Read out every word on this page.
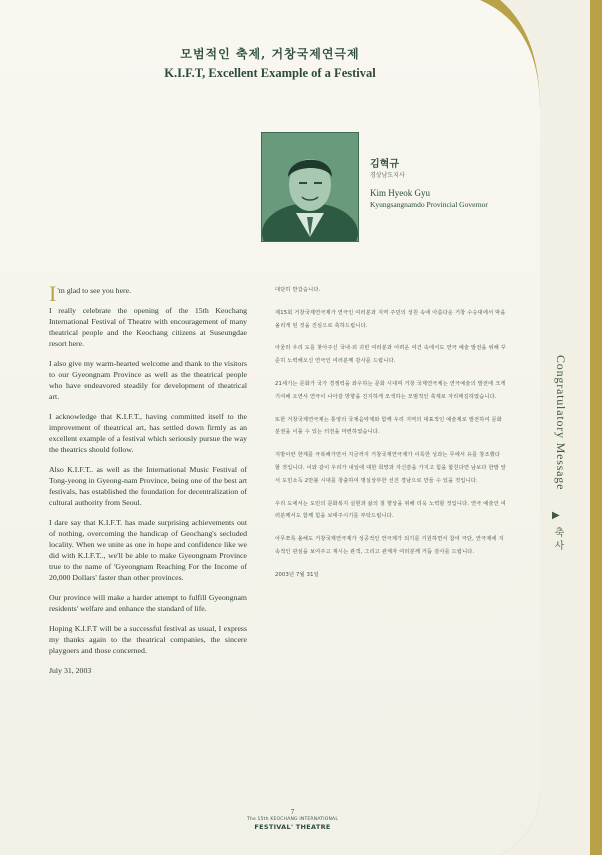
모범적인 축제, 거창국제연극제
K.I.F.T, Excellent Example of a Festival
김혁규
경상남도지사
Kim Hyeok Gyu
Kyungsangnamdo Provincial Governor

I 'm glad to see you here.

I really celebrate the opening of the 15th Keochang International Festival of Theatre with encouragement of many theatrical people and the Keochang citizens at Suseungdae resort here.

I also give my warm-hearted welcome and thank to the visitors to our Gyeongnam Province as well as the theatrical people who have endeavored steadily for development of theatrical art.

I acknowledge that K.I.F.T., having committed itself to the improvement of theatrical art, has settled down firmly as an excellent example of a festival which seriously pursue the way the theatrics should follow.

Also K.I.F.T.. as well as the International Music Festival of Tong-yeong in Gyeong-nam Province, being one of the best art festivals, has established the foundation for decentralization of cultural authority from Seoul.

I dare say that K.I.F.T. has made surprising achievements out of nothing, overcoming the handicap of Geochang's secluded locality. When we unite as one in hope and confidence like we did with K.I.F.T.., we'll be able to make Gyeongnam Province true to the name of 'Gyeongnam Reaching For the Income of 20,000 Dollars' faster than other provinces.

Our province will make a harder attempt to fulfill Gyeongnam residents' welfare and enhance the standard of life.

Hoping K.I.F.T will be a successful festival as usual, I express my thanks again to the theatrical companies, the sincere playgoers and those concerned.

July 31, 2003

대단히 반갑습니다.

제15회 거창국제연극제가 연극인 여러분과 지역 주민의 성원 속에 아름다운 거창 수승대에서 막을 올리게 된 것을 진심으로 축하드립니다.

아울러 우리 도를 찾아주신 국내·외 귀빈 여러분과 어려운 여건 속에서도 연극 예술 발전을 위해 꾸준히 노력해오신 연극인 여러분께 감사를 드립니다.

21세기는 문화가 국가 경쟁력을 좌우하는 문화 시대며 거창 국제연극제는 연극예술의 발전에 크게 기여해 오면서 연극이 나아갈 방향을 진지하게 모색하는 모범적인 축제로 자리매김하였습니다.

또한 거창국제연극제는 통영의 국제음악제와 함께 우리 지역의 대표적인 예술제로 발전하여 문화분권을 이룰 수 있는 터전을 마련하였습니다.

지방이란 한계를 극복해가면서 지금까지 거창국제연극제가 이룩한 성과는 무에서 유를 창조했다 할 것입니다. 이와 같이 우리가 내일에 대한 희망과 자신감을 가지고 힘을 합친다면 남보다 한발 앞서 도민소득 2만불 시대를 창출하여 명실상부한 선진 경남으로 만들 수 있을 것입니다.

우리 도에서는 도민의 문화복지 실현과 삶의 질 향상을 위해 더욱 노력할 것입니다. 연극 예술인 여러분께서도 함께 힘을 보태주시기를 부탁드립니다.

아무쪼록 올해도 거창국제연극제가 성공적인 연극제가 되기를 기원하면서 참여 극단, 연극제에 지속적인 관심을 보여주고 계시는 관객, 그리고 관계자 여러분께 거듭 감사를 드립니다.

2003년 7월 31일

Congratulatory Message
▶
축사
7
The 15th KEOCHANG INTERNATIONAL
FESTIVAL' THEATRE
